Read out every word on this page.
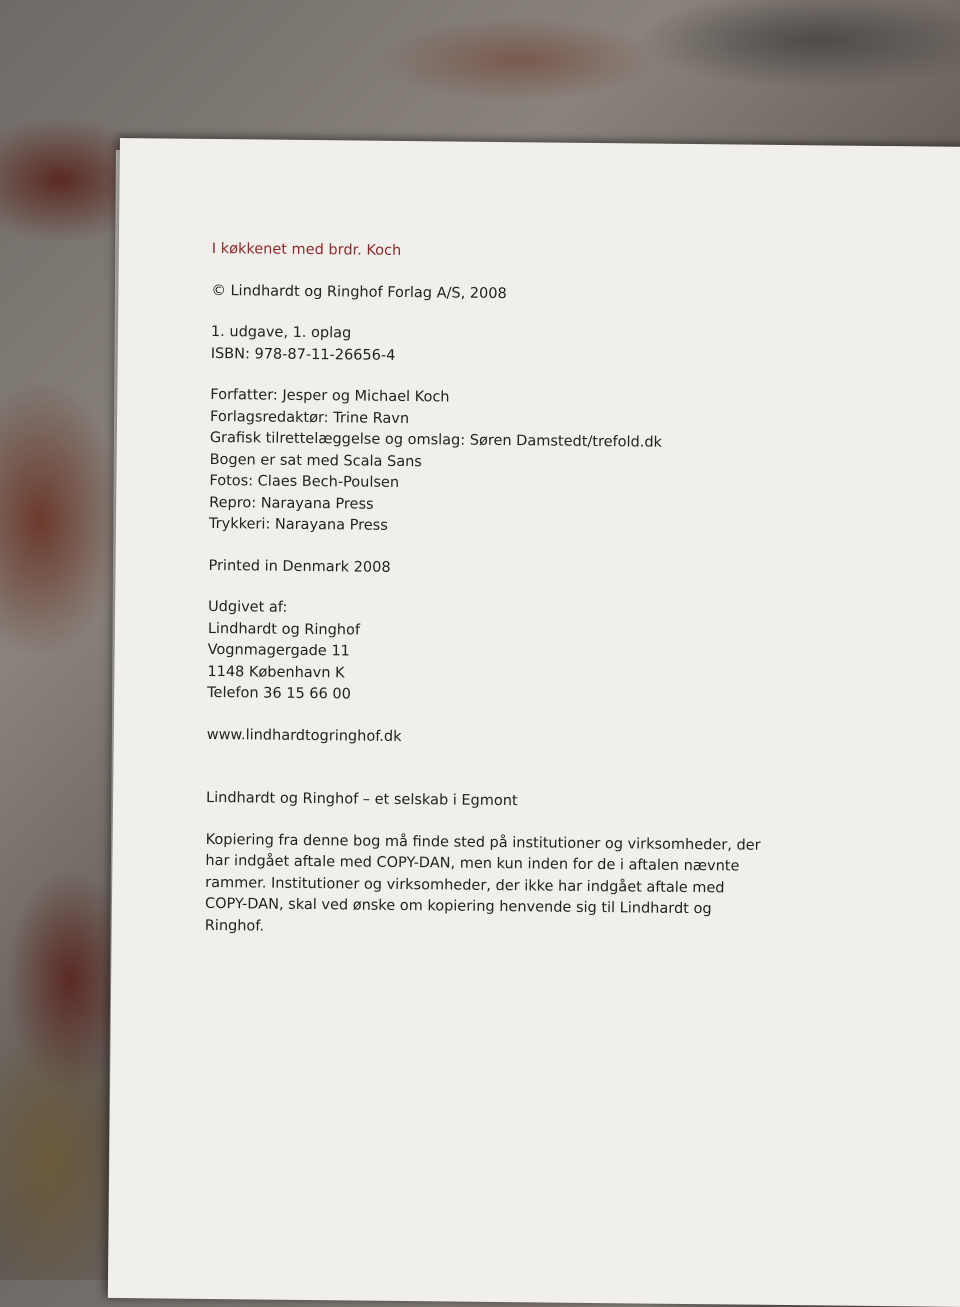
I køkkenet med brdr. Koch
© Lindhardt og Ringhof Forlag A/S, 2008
1. udgave, 1. oplag
ISBN: 978-87-11-26656-4
Forfatter: Jesper og Michael Koch
Forlagsredaktør: Trine Ravn
Grafisk tilrettelæggelse og omslag: Søren Damstedt/trefold.dk
Bogen er sat med Scala Sans
Fotos: Claes Bech-Poulsen
Repro: Narayana Press
Trykkeri: Narayana Press
Printed in Denmark 2008
Udgivet af:
Lindhardt og Ringhof
Vognmagergade 11
1148 København K
Telefon 36 15 66 00
www.lindhardtogringhof.dk
Lindhardt og Ringhof – et selskab i Egmont
Kopiering fra denne bog må finde sted på institutioner og virksomheder, der
har indgået aftale med COPY-DAN, men kun inden for de i aftalen nævnte
rammer. Institutioner og virksomheder, der ikke har indgået aftale med
COPY-DAN, skal ved ønske om kopiering henvende sig til Lindhardt og
Ringhof.
